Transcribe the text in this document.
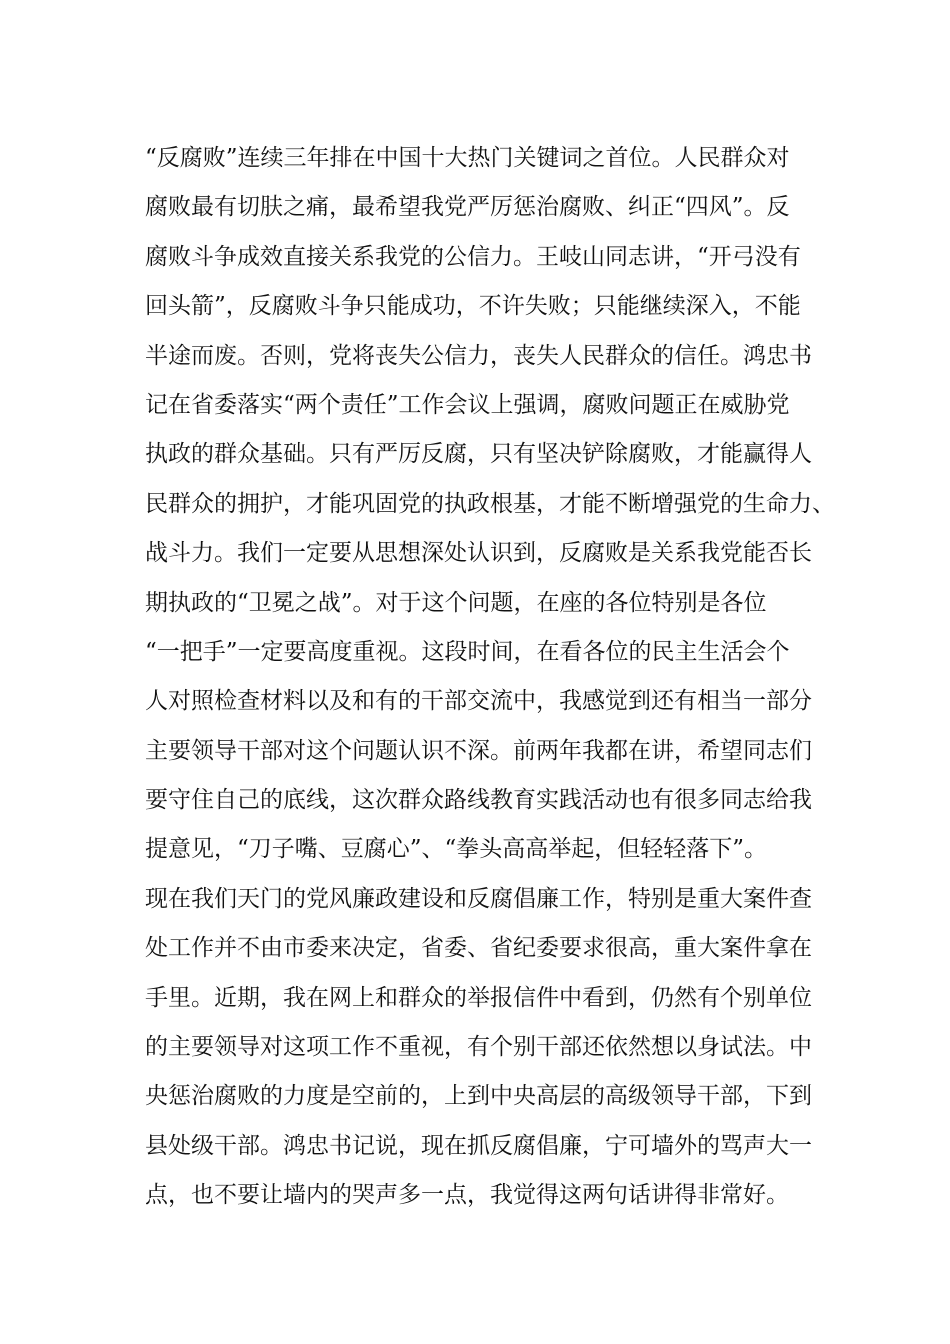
“反腐败”连续三年排在中国十大热门关键词之首位。人民群众对
腐败最有切肤之痛，最希望我党严厉惩治腐败、纠正“四风”。反
腐败斗争成效直接关系我党的公信力。王岐山同志讲，“开弓没有
回头箭”，反腐败斗争只能成功，不许失败；只能继续深入，不能
半途而废。否则，党将丧失公信力，丧失人民群众的信任。鸿忠书
记在省委落实“两个责任”工作会议上强调，腐败问题正在威胁党
执政的群众基础。只有严厉反腐，只有坚决铲除腐败，才能赢得人
民群众的拥护，才能巩固党的执政根基，才能不断增强党的生命力、
战斗力。我们一定要从思想深处认识到，反腐败是关系我党能否长
期执政的“卫冕之战”。对于这个问题，在座的各位特别是各位
“一把手”一定要高度重视。这段时间，在看各位的民主生活会个
人对照检查材料以及和有的干部交流中，我感觉到还有相当一部分
主要领导干部对这个问题认识不深。前两年我都在讲，希望同志们
要守住自己的底线，这次群众路线教育实践活动也有很多同志给我
提意见，“刀子嘴、豆腐心”、“拳头高高举起，但轻轻落下”。
现在我们天门的党风廉政建设和反腐倡廉工作，特别是重大案件查
处工作并不由市委来决定，省委、省纪委要求很高，重大案件拿在
手里。近期，我在网上和群众的举报信件中看到，仍然有个别单位
的主要领导对这项工作不重视，有个别干部还依然想以身试法。中
央惩治腐败的力度是空前的，上到中央高层的高级领导干部，下到
县处级干部。鸿忠书记说，现在抓反腐倡廉，宁可墙外的骂声大一
点，也不要让墙内的哭声多一点，我觉得这两句话讲得非常好。
